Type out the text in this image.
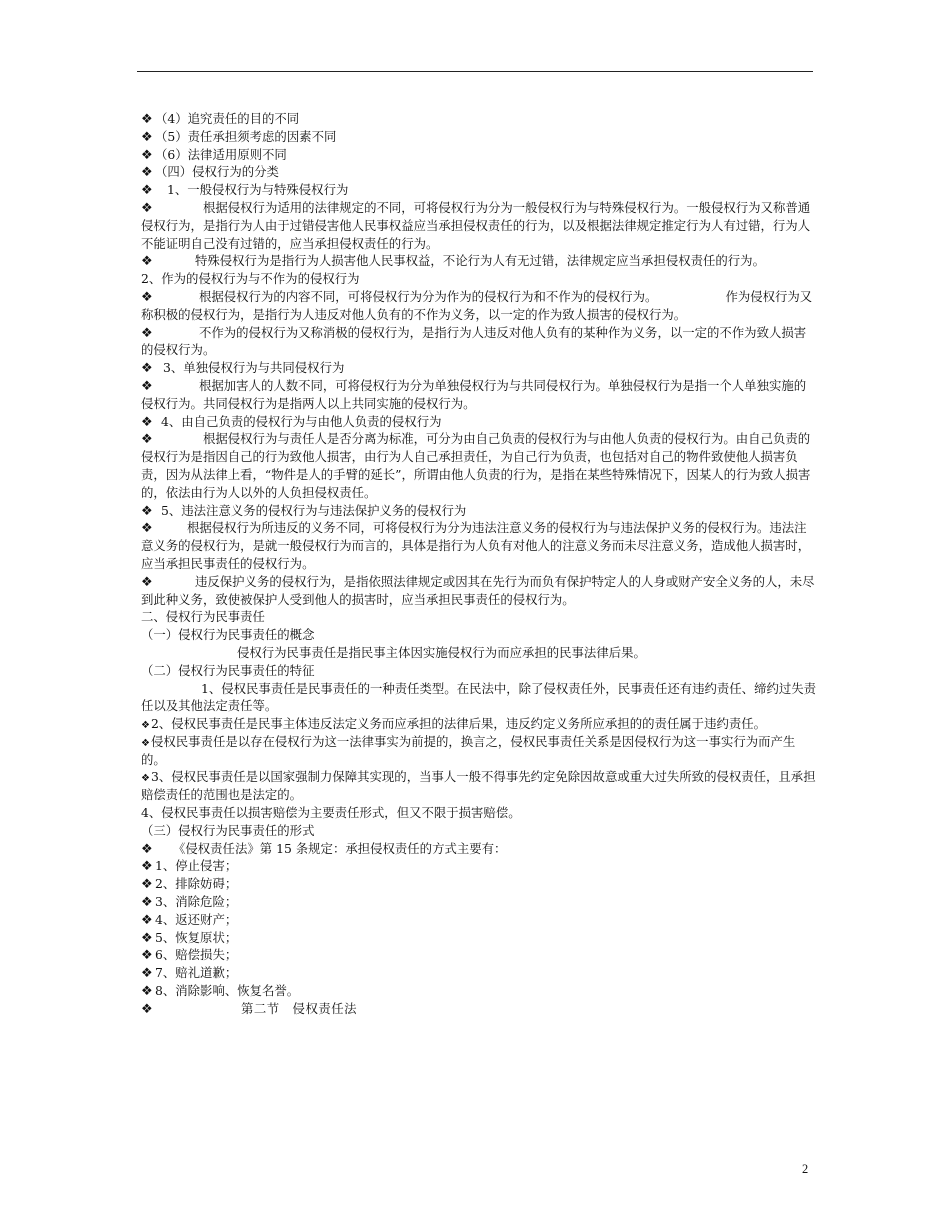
❖ （4）追究责任的目的不同

❖ （5）责任承担须考虑的因素不同

❖ （6）法律适用原则不同

❖ （四）侵权行为的分类

❖ 1、一般侵权行为与特殊侵权行为

❖	根据侵权行为适用的法律规定的不同，可将侵权行为分为一般侵权行为与特殊侵权行为。一般侵权行为又称普通侵权行为，是指行为人由于过错侵害他人民事权益应当承担侵权责任的行为，以及根据法律规定推定行为人有过错，行为人不能证明自己没有过错的，应当承担侵权责任的行为。

❖	特殊侵权行为是指行为人损害他人民事权益，不论行为人有无过错，法律规定应当承担侵权责任的行为。

2、作为的侵权行为与不作为的侵权行为

❖	根据侵权行为的内容不同，可将侵权行为分为作为的侵权行为和不作为的侵权行为。	作为侵权行为又称积极的侵权行为，是指行为人违反对他人负有的不作为义务，以一定的作为致人损害的侵权行为。

❖	不作为的侵权行为又称消极的侵权行为，是指行为人违反对他人负有的某种作为义务，以一定的不作为致人损害的侵权行为。

❖ 3、单独侵权行为与共同侵权行为

❖	根据加害人的人数不同，可将侵权行为分为单独侵权行为与共同侵权行为。单独侵权行为是指一个人单独实施的侵权行为。共同侵权行为是指两人以上共同实施的侵权行为。

❖ 4、由自己负责的侵权行为与由他人负责的侵权行为

❖	根据侵权行为与责任人是否分离为标准，可分为由自己负责的侵权行为与由他人负责的侵权行为。由自己负责的侵权行为是指因自己的行为致他人损害，由行为人自己承担责任，为自己行为负责，也包括对自己的物件致使他人损害负责，因为从法律上看，“物件是人的手臂的延长”，所谓由他人负责的行为，是指在某些特殊情况下，因某人的行为致人损害的，依法由行为人以外的人负担侵权责任。

❖ 5、违法注意义务的侵权行为与违法保护义务的侵权行为

❖	根据侵权行为所违反的义务不同，可将侵权行为分为违法注意义务的侵权行为与违法保护义务的侵权行为。违法注意义务的侵权行为，是就一般侵权行为而言的，具体是指行为人负有对他人的注意义务而未尽注意义务，造成他人损害时，应当承担民事责任的侵权行为。

❖	违反保护义务的侵权行为，是指依照法律规定或因其在先行为而负有保护特定人的人身或财产安全义务的人，未尽到此种义务，致使被保护人受到他人的损害时，应当承担民事责任的侵权行为。

二、侵权行为民事责任

（一）侵权行为民事责任的概念

侵权行为民事责任是指民事主体因实施侵权行为而应承担的民事法律后果。

（二）侵权行为民事责任的特征

1、侵权民事责任是民事责任的一种责任类型。在民法中，除了侵权责任外，民事责任还有违约责任、缔约过失责任以及其他法定责任等。

❖2、侵权民事责任是民事主体违反法定义务而应承担的法律后果，违反约定义务所应承担的的责任属于违约责任。

❖侵权民事责任是以存在侵权行为这一法律事实为前提的，换言之，侵权民事责任关系是因侵权行为这一事实行为而产生的。

❖3、侵权民事责任是以国家强制力保障其实现的，当事人一般不得事先约定免除因故意或重大过失所致的侵权责任，且承担赔偿责任的范围也是法定的。

4、侵权民事责任以损害赔偿为主要责任形式，但又不限于损害赔偿。

（三）侵权行为民事责任的形式

❖ 《侵权责任法》第 15 条规定：承担侵权责任的方式主要有：

❖ 1、停止侵害；

❖ 2、排除妨碍；

❖ 3、消除危险；

❖ 4、返还财产；

❖ 5、恢复原状；

❖ 6、赔偿损失；

❖ 7、赔礼道歉；

❖ 8、消除影响、恢复名誉。

❖	第二节　侵权责任法

2
